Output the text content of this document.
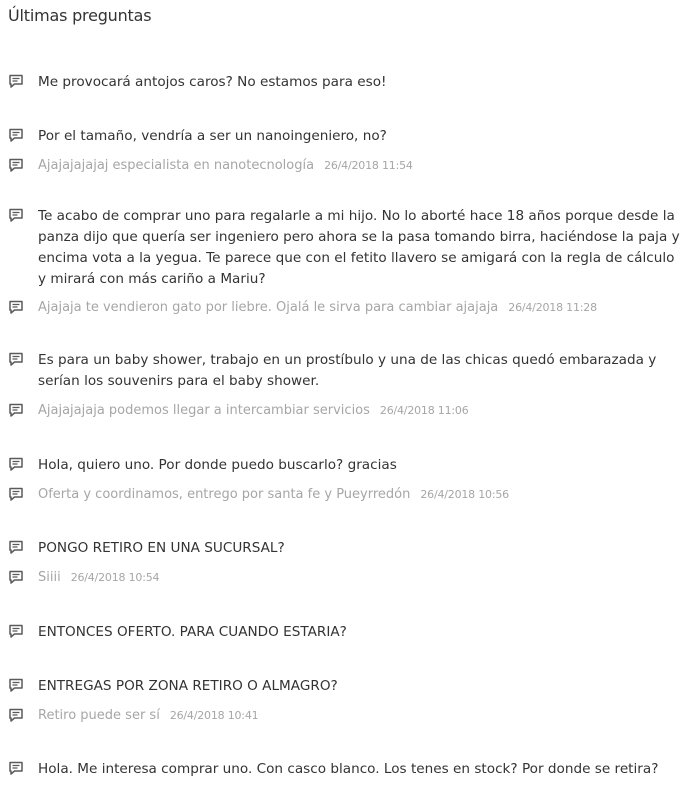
Últimas preguntas
Me provocará antojos caros? No estamos para eso!
Por el tamaño, vendría a ser un nanoingeniero, no?
Ajajajajajaj especialista en nanotecnología 26/4/2018 11:54
Te acabo de comprar uno para regalarle a mi hijo. No lo aborté hace 18 años porque desde la panza dijo que quería ser ingeniero pero ahora se la pasa tomando birra, haciéndose la paja y encima vota a la yegua. Te parece que con el fetito llavero se amigará con la regla de cálculo y mirará con más cariño a Mariu?
Ajajaja te vendieron gato por liebre. Ojalá le sirva para cambiar ajajaja 26/4/2018 11:28
Es para un baby shower, trabajo en un prostíbulo y una de las chicas quedó embarazada y serían los souvenirs para el baby shower.
Ajajajajaja podemos llegar a intercambiar servicios 26/4/2018 11:06
Hola, quiero uno. Por donde puedo buscarlo? gracias
Oferta y coordinamos, entrego por santa fe y Pueyrredón 26/4/2018 10:56
PONGO RETIRO EN UNA SUCURSAL?
Siiii 26/4/2018 10:54
ENTONCES OFERTO. PARA CUANDO ESTARIA?
ENTREGAS POR ZONA RETIRO O ALMAGRO?
Retiro puede ser sí 26/4/2018 10:41
Hola. Me interesa comprar uno. Con casco blanco. Los tenes en stock? Por donde se retira?
